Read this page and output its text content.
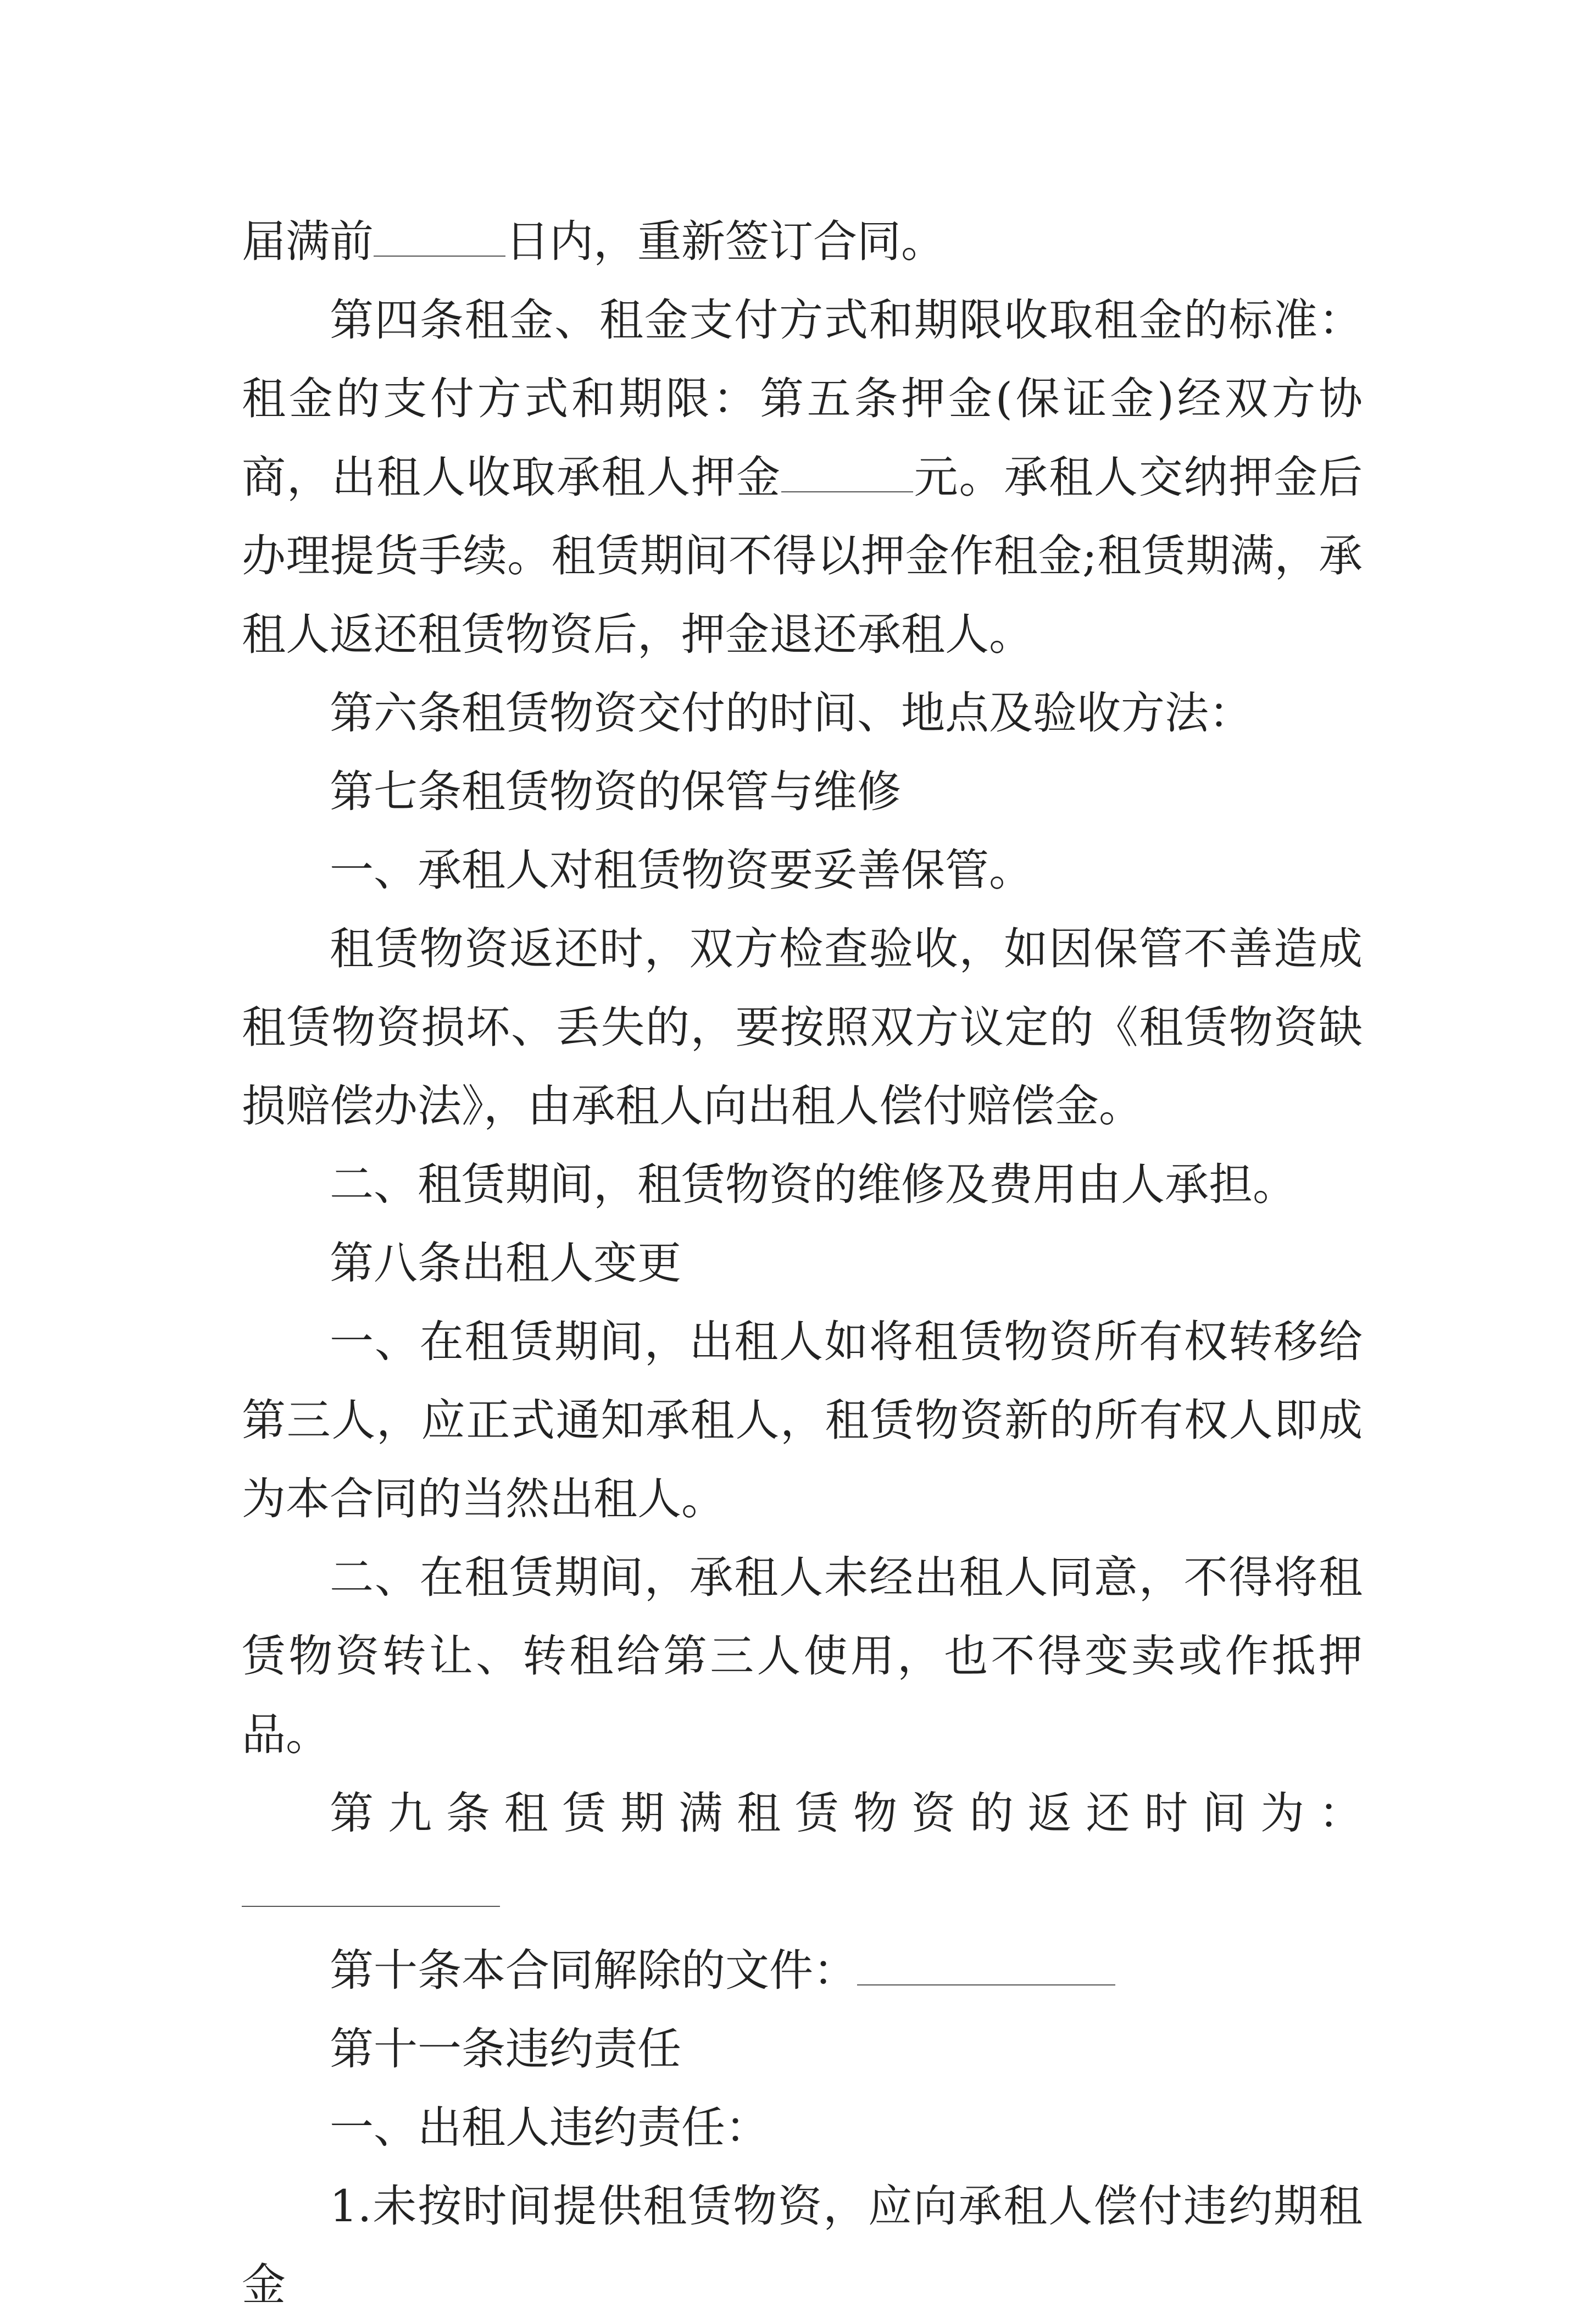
届满前	日内，重新签订合同。

第四条租金、租金支付方式和期限收取租金的标准：租金的支付方式和期限：第五条押金(保证金)经双方协商，出租人收取承租人押金	元。承租人交纳押金后办理提货手续。租赁期间不得以押金作租金;租赁期满，承租人返还租赁物资后，押金退还承租人。

第六条租赁物资交付的时间、地点及验收方法：

第七条租赁物资的保管与维修

一、承租人对租赁物资要妥善保管。

租赁物资返还时，双方检查验收，如因保管不善造成租赁物资损坏、丢失的，要按照双方议定的《租赁物资缺损赔偿办法》，由承租人向出租人偿付赔偿金。

二、租赁期间，租赁物资的维修及费用由人承担。

第八条出租人变更

一、在租赁期间，出租人如将租赁物资所有权转移给第三人，应正式通知承租人，租赁物资新的所有权人即成为本合同的当然出租人。

二、在租赁期间，承租人未经出租人同意，不得将租赁物资转让、转租给第三人使用，也不得变卖或作抵押品。

第九条租赁期满租赁物资的返还时间为：

第十条本合同解除的文件：

第十一条违约责任

一、出租人违约责任：

1.未按时间提供租赁物资，应向承租人偿付违约期租金
